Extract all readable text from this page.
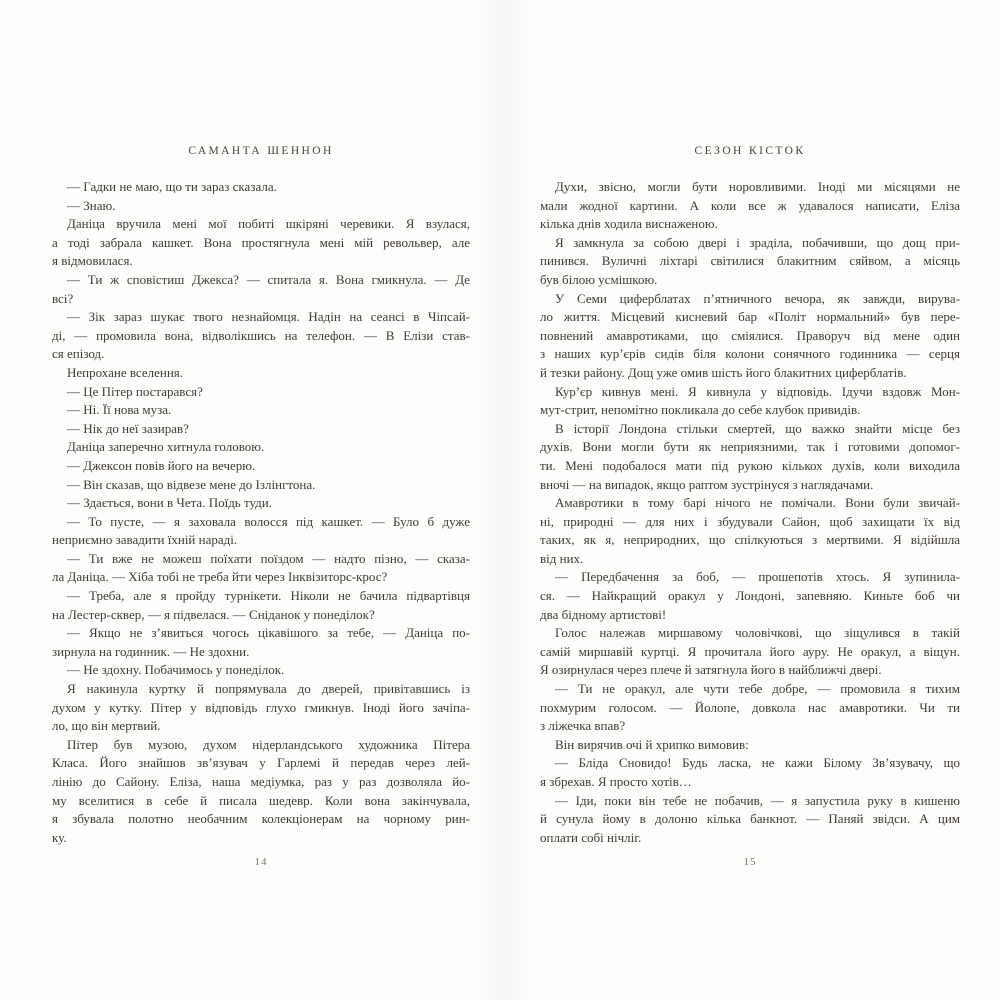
САМАНТА ШЕННОН
— Гадки не маю, що ти зараз сказала.
— Знаю.
Даніца вручила мені мої побиті шкіряні черевики. Я взулася,
а тоді забрала кашкет. Вона простягнула мені мій револьвер, але
я відмовилася.
— Ти ж сповістиш Джекса? — спитала я. Вона гмикнула. — Де
всі?
— Зік зараз шукає твого незнайомця. Надін на сеансі в Чіпсай-
ді, — промовила вона, відволікшись на телефон. — В Елізи став-
ся епізод.
Непрохане вселення.
— Це Пітер постарався?
— Ні. Її нова муза.
— Нік до неї зазирав?
Даніца заперечно хитнула головою.
— Джексон повів його на вечерю.
— Він сказав, що відвезе мене до Ізлінгтона.
— Здається, вони в Чета. Поїдь туди.
— То пусте, — я заховала волосся під кашкет. — Було б дуже
неприємно завадити їхній нараді.
— Ти вже не можеш поїхати поїздом — надто пізно, — сказа-
ла Даніца. — Хіба тобі не треба йти через Інквізиторс-крос?
— Треба, але я пройду турнікети. Ніколи не бачила підвартівця
на Лестер-сквер, — я підвелася. — Сніданок у понеділок?
— Якщо не з’явиться чогось цікавішого за тебе, — Даніца по-
зирнула на годинник. — Не здохни.
— Не здохну. Побачимось у понеділок.
Я накинула куртку й попрямувала до дверей, привітавшись із
духом у кутку. Пітер у відповідь глухо гмикнув. Іноді його зачіпа-
ло, що він мертвий.
Пітер був музою, духом нідерландського художника Пітера
Класа. Його знайшов зв’язувач у Гарлемі й передав через лей-
лінію до Сайону. Еліза, наша медіумка, раз у раз дозволяла йо-
му вселитися в себе й писала шедевр. Коли вона закінчувала,
я збувала полотно необачним колекціонерам на чорному рин-
ку.
14
СЕЗОН КІСТОК
Духи, звісно, могли бути норовливими. Іноді ми місяцями не
мали жодної картини. А коли все ж удавалося написати, Еліза
кілька днів ходила виснаженою.
Я замкнула за собою двері і зраділа, побачивши, що дощ при-
пинився. Вуличні ліхтарі світилися блакитним сяйвом, а місяць
був білою усмішкою.
У Семи циферблатах п’ятничного вечора, як завжди, вирува-
ло життя. Місцевий кисневий бар «Політ нормальний» був пере-
повнений амавротиками, що сміялися. Праворуч від мене один
з наших кур’єрів сидів біля колони сонячного годинника — серця
й тезки району. Дощ уже омив шість його блакитних циферблатів.
Кур’єр кивнув мені. Я кивнула у відповідь. Ідучи вздовж Мон-
мут-стрит, непомітно покликала до себе клубок привидів.
В історії Лондона стільки смертей, що важко знайти місце без
духів. Вони могли бути як неприязними, так і готовими допомог-
ти. Мені подобалося мати під рукою кількох духів, коли виходила
вночі — на випадок, якщо раптом зустрінуся з наглядачами.
Амавротики в тому барі нічого не помічали. Вони були звичай-
ні, природні — для них і збудували Сайон, щоб захищати їх від
таких, як я, неприродних, що спілкуються з мертвими. Я відійшла
від них.
— Передбачення за боб, — прошепотів хтось. Я зупинила-
ся. — Найкращий оракул у Лондоні, запевняю. Киньте боб чи
два бідному артистові!
Голос належав миршавому чоловічкові, що зіщулився в такій
самій миршавій куртці. Я прочитала його ауру. Не оракул, а віщун.
Я озирнулася через плече й затягнула його в найближчі двері.
— Ти не оракул, але чути тебе добре, — промовила я тихим
похмурим голосом. — Йолопе, довкола нас амавротики. Чи ти
з ліжечка впав?
Він вирячив очі й хрипко вимовив:
— Бліда Сновидо! Будь ласка, не кажи Білому Зв’язувачу, що
я збрехав. Я просто хотів…
— Іди, поки він тебе не побачив, — я запустила руку в кишеню
й сунула йому в долоню кілька банкнот. — Паняй звідси. А цим
оплати собі нічліг.
15
